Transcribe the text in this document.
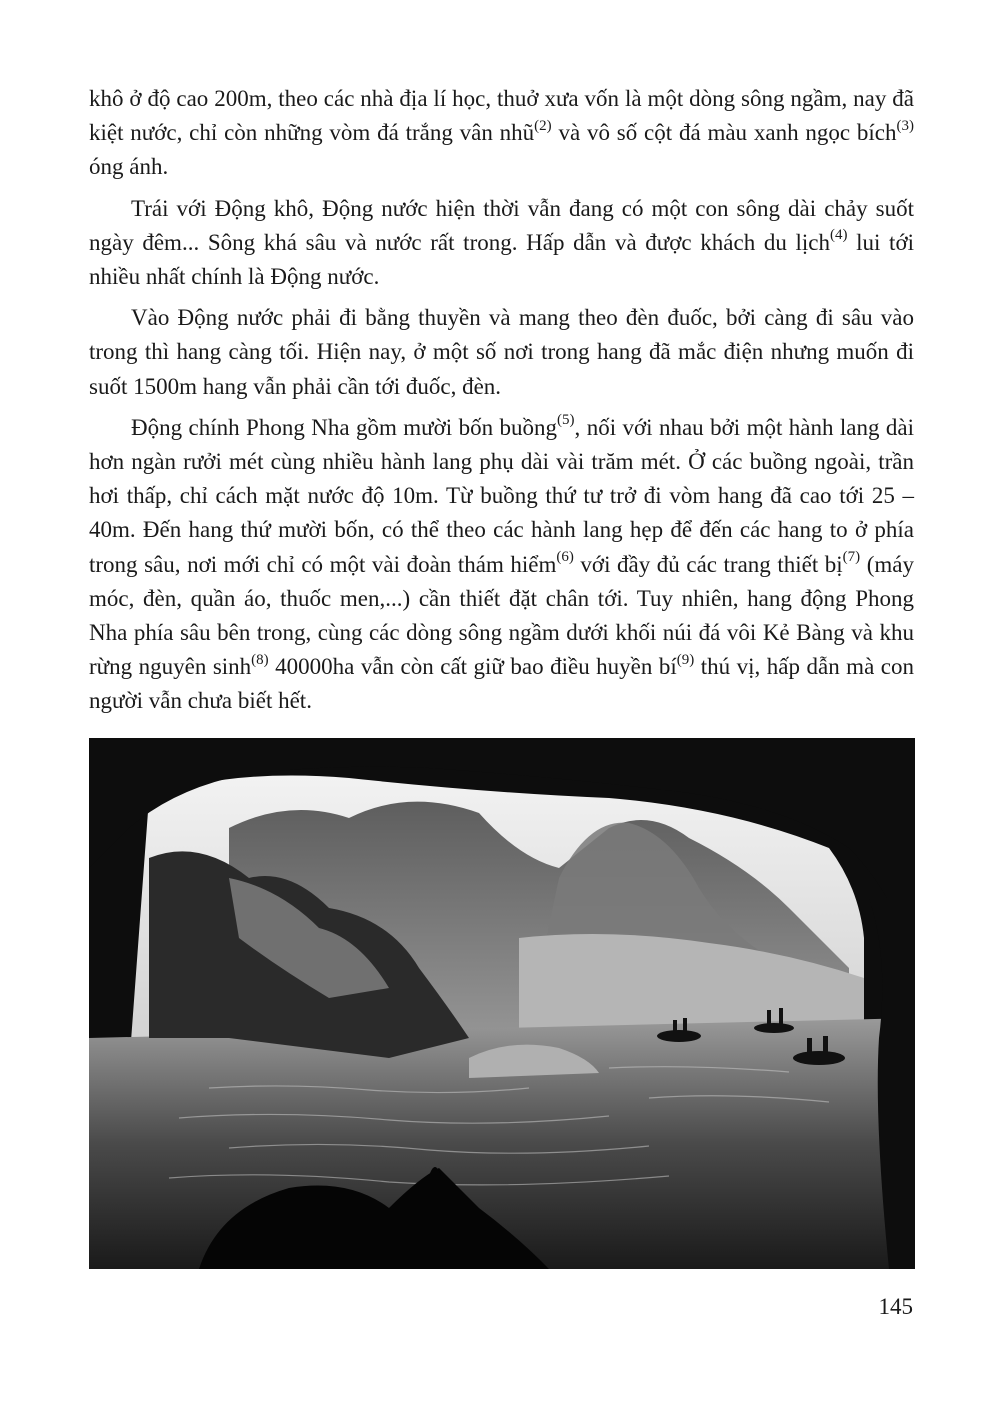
khô ở độ cao 200m, theo các nhà địa lí học, thuở xưa vốn là một dòng sông ngầm, nay đã kiệt nước, chỉ còn những vòm đá trắng vân nhũ$^{(2)}$ và vô số cột đá màu xanh ngọc bích$^{(3)}$ óng ánh.

Trái với Động khô, Động nước hiện thời vẫn đang có một con sông dài chảy suốt ngày đêm... Sông khá sâu và nước rất trong. Hấp dẫn và được khách du lịch$^{(4)}$ lui tới nhiều nhất chính là Động nước.

Vào Động nước phải đi bằng thuyền và mang theo đèn đuốc, bởi càng đi sâu vào trong thì hang càng tối. Hiện nay, ở một số nơi trong hang đã mắc điện nhưng muốn đi suốt 1500m hang vẫn phải cần tới đuốc, đèn.

Động chính Phong Nha gồm mười bốn buồng$^{(5)}$, nối với nhau bởi một hành lang dài hơn ngàn rưởi mét cùng nhiều hành lang phụ dài vài trăm mét. Ở các buồng ngoài, trần hơi thấp, chỉ cách mặt nước độ 10m. Từ buồng thứ tư trở đi vòm hang đã cao tới 25 – 40m. Đến hang thứ mười bốn, có thể theo các hành lang hẹp để đến các hang to ở phía trong sâu, nơi mới chỉ có một vài đoàn thám hiểm$^{(6)}$ với đầy đủ các trang thiết bị$^{(7)}$ (máy móc, đèn, quần áo, thuốc men,...) cần thiết đặt chân tới. Tuy nhiên, hang động Phong Nha phía sâu bên trong, cùng các dòng sông ngầm dưới khối núi đá vôi Kẻ Bàng và khu rừng nguyên $\sinh^{(8)} 40000ha$ vẫn còn cất giữ bao điều huyền $bí^{(9)}$ thú vị, hấp dẫn mà con người vẫn chưa biết hết.

145
